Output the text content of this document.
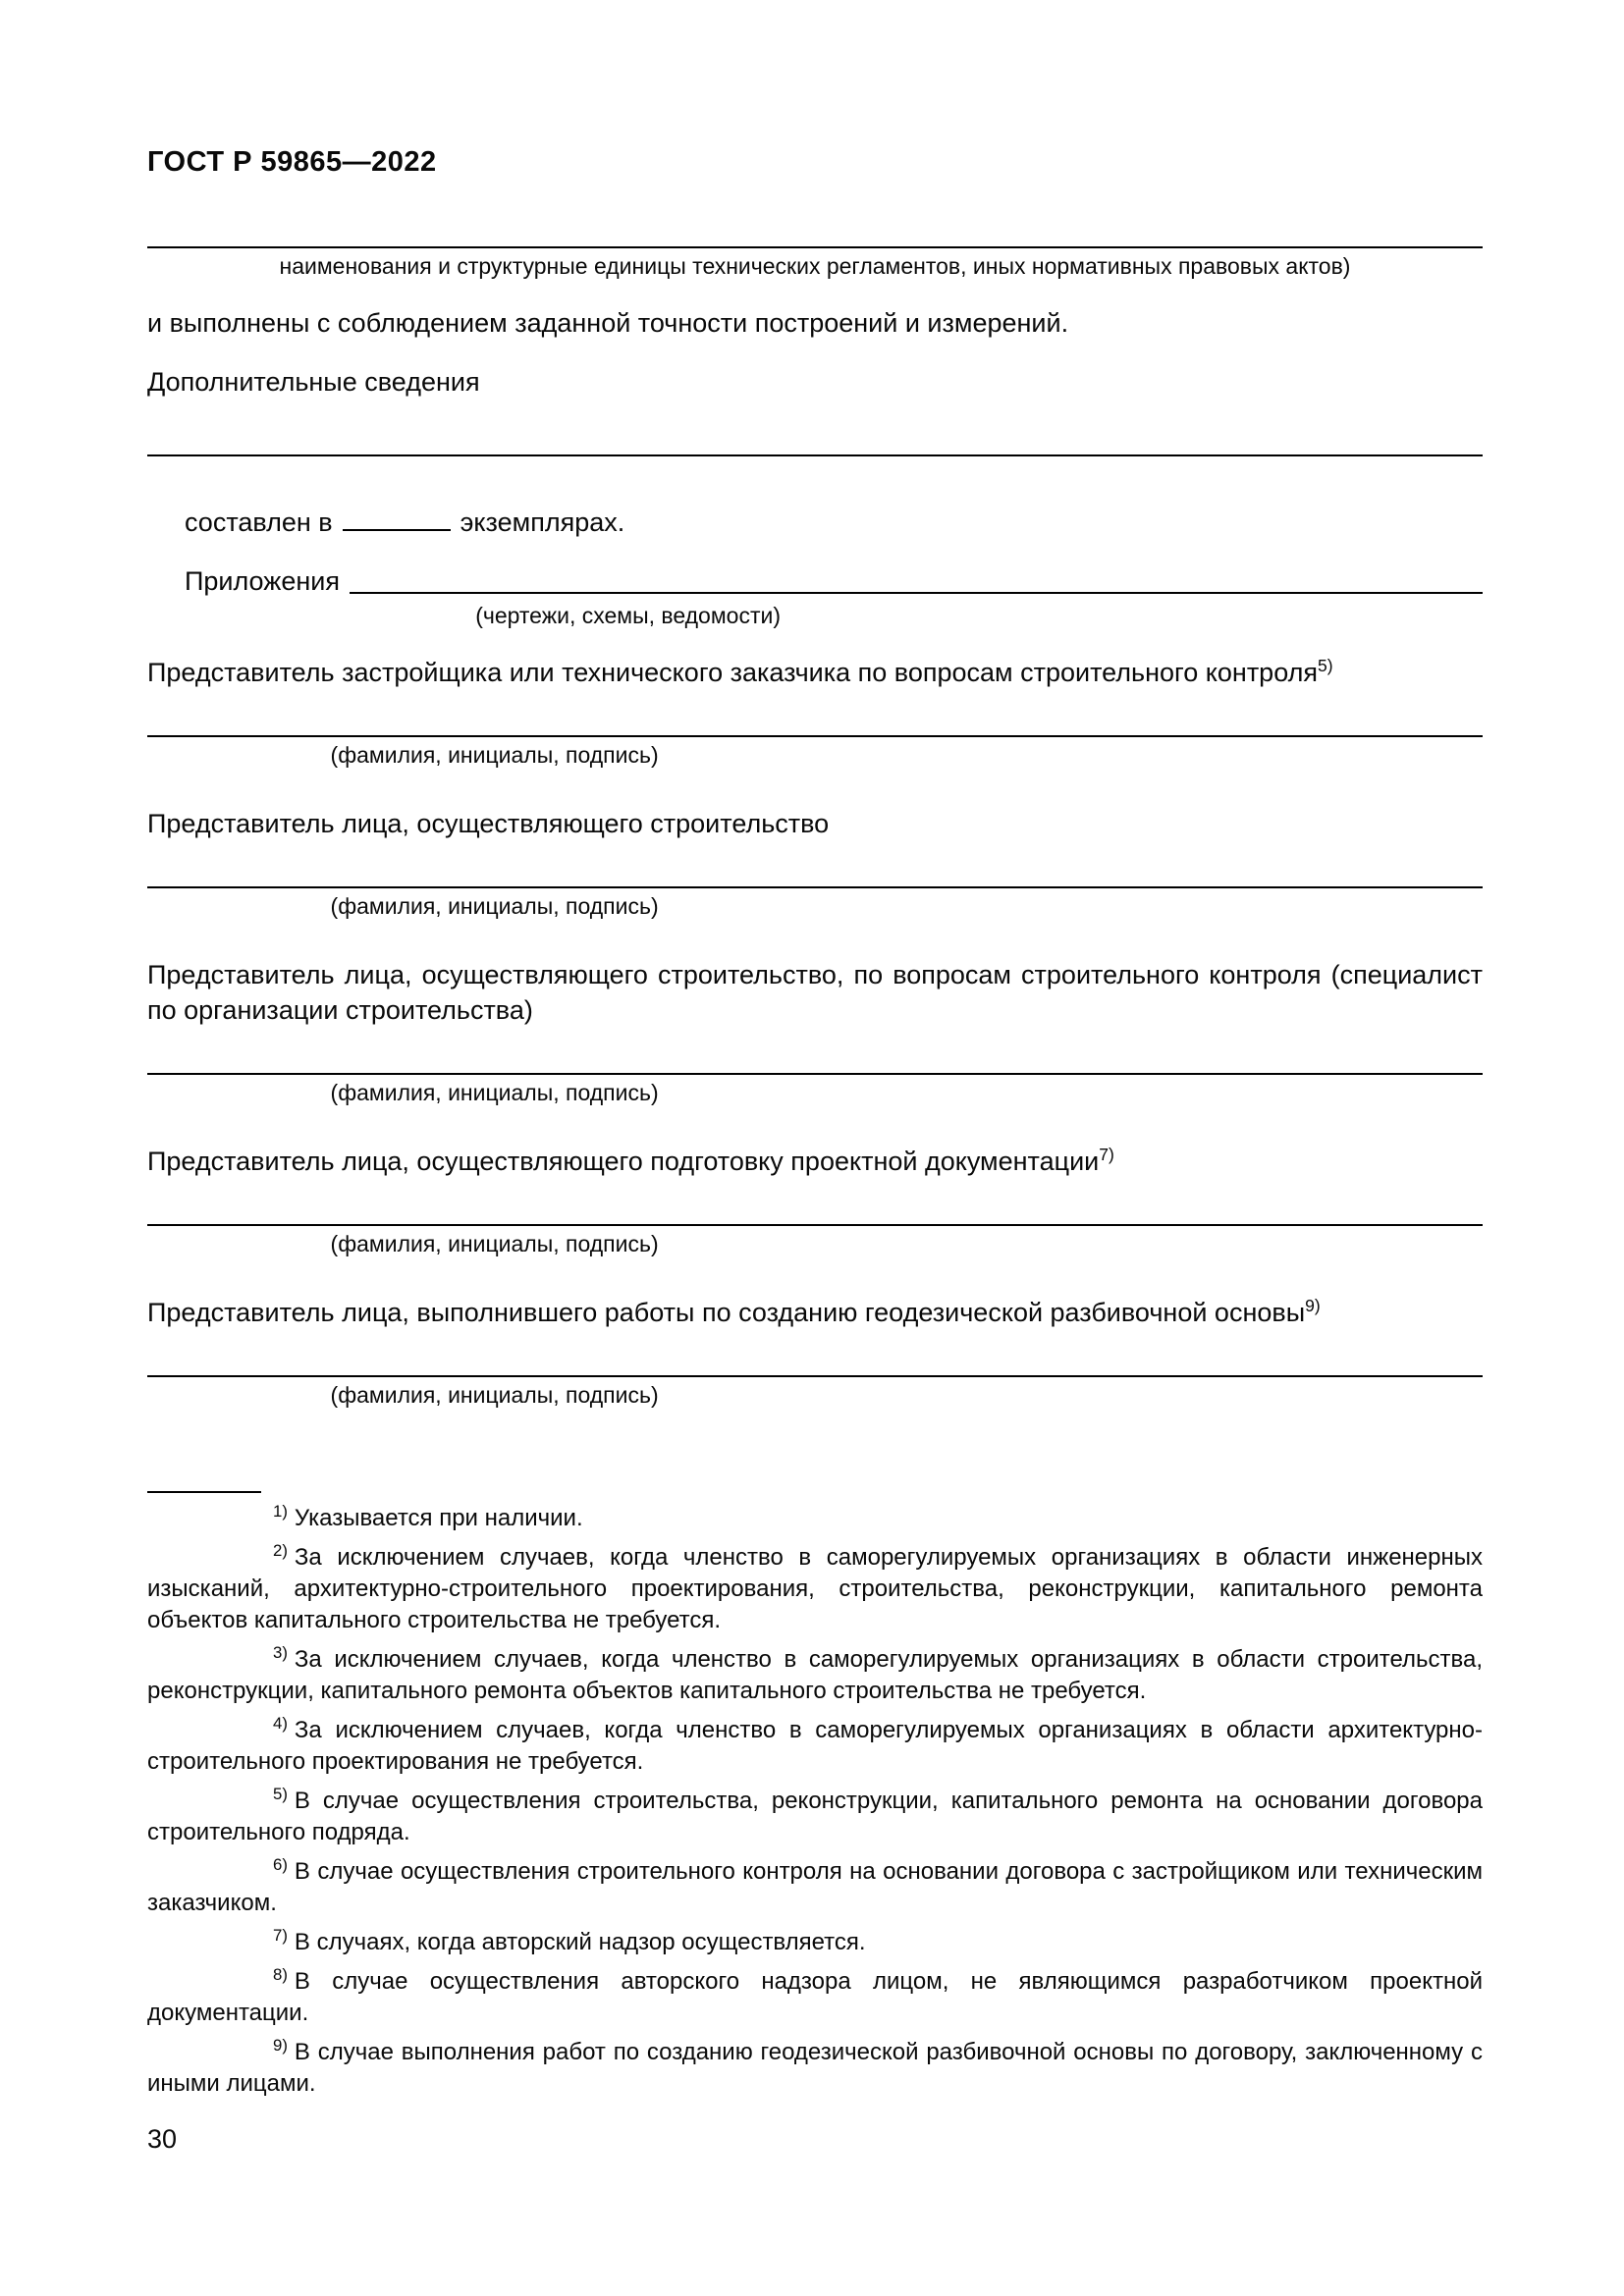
ГОСТ Р 59865—2022
наименования и структурные единицы технических регламентов, иных нормативных правовых актов)

и выполнены с соблюдением заданной точности построений и измерений.

Дополнительные сведения

составлен в	экземплярах.
Приложения
(чертежи, схемы, ведомости)

Представитель застройщика или технического заказчика по вопросам строительного контроля$^{5)}$

(фамилия, инициалы, подпись)

Представитель лица, осуществляющего строительство

(фамилия, инициалы, подпись)

Представитель лица, осуществляющего строительство, по вопросам строительного контроля (специалист по организации строительства)

(фамилия, инициалы, подпись)

Представитель лица, осуществляющего подготовку проектной документации$^{7)}$

(фамилия, инициалы, подпись)

Представитель лица, выполнившего работы по созданию геодезической разбивочной основы$^{9)}$

(фамилия, инициалы, подпись)

$^{1)}$ Указывается при наличии.

$^{2)}$ За исключением случаев, когда членство в саморегулируемых организациях в области инженерных изысканий, архитектурно-строительного проектирования, строительства, реконструкции, капитального ремонта объектов капитального строительства не требуется.

$^{3)}$ За исключением случаев, когда членство в саморегулируемых организациях в области строительства, реконструкции, капитального ремонта объектов капитального строительства не требуется.

$^{4)}$ За исключением случаев, когда членство в саморегулируемых организациях в области архитектурно-строительного проектирования не требуется.

$^{5)}$ В случае осуществления строительства, реконструкции, капитального ремонта на основании договора строительного подряда.

$^{6)}$ В случае осуществления строительного контроля на основании договора с застройщиком или техническим заказчиком.

$^{7)}$ В случаях, когда авторский надзор осуществляется.

$^{8)}$ В случае осуществления авторского надзора лицом, не являющимся разработчиком проектной документации.

$^{9)}$ В случае выполнения работ по созданию геодезической разбивочной основы по договору, заключенному с иными лицами.

30
